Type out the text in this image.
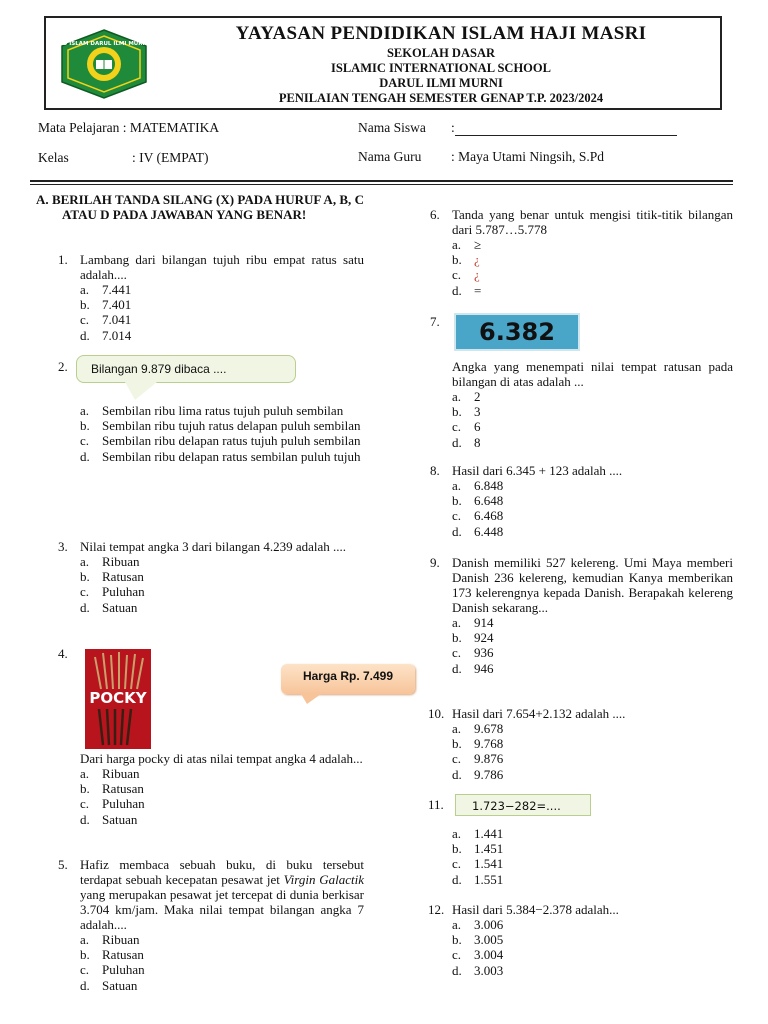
SD ISLAM DARUL ILMI MURNI	YAYASAN PENDIDIKAN ISLAM HAJI MASRI
SEKOLAH DASAR
ISLAMIC INTERNATIONAL SCHOOL
DARUL ILMI MURNI
PENILAIAN TENGAH SEMESTER GENAP T.P. 2023/2024
Mata Pelajaran : MATEMATIKA
Kelas	: IV (EMPAT)
Nama Siswa :
Nama Guru : Maya Utami Ningsih, S.Pd
A. BERILAH TANDA SILANG (X) PADA HURUF A, B, C ATAU D PADA JAWABAN YANG BENAR!
1. Lambang dari bilangan tujuh ribu empat ratus satu adalah....
a. 7.441
b. 7.401
c. 7.041
d. 7.014
2.	Bilangan 9.879 dibaca ....
a. Sembilan ribu lima ratus tujuh puluh sembilan
b. Sembilan ribu tujuh ratus delapan puluh sembilan
c. Sembilan ribu delapan ratus tujuh puluh sembilan
d. Sembilan ribu delapan ratus sembilan puluh tujuh
3. Nilai tempat angka 3 dari bilangan 4.239 adalah ....
a. Ribuan
b. Ratusan
c. Puluhan
d. Satuan
4.
POCKY
Harga Rp. 7.499
Dari harga pocky di atas nilai tempat angka 4 adalah...
a. Ribuan
b. Ratusan
c. Puluhan
d. Satuan
5. Hafiz membaca sebuah buku, di buku tersebut terdapat sebuah kecepatan pesawat jet Virgin Galactik yang merupakan pesawat jet tercepat di dunia berkisar 3.704 km/jam. Maka nilai tempat bilangan angka 7 adalah....
a. Ribuan
b. Ratusan
c. Puluhan
d. Satuan
6. Tanda yang benar untuk mengisi titik-titik bilangan dari 5.787…5.778
a. ≥
b. ¿
c. ¿
d. =
7.	6.382
Angka yang menempati nilai tempat ratusan pada bilangan di atas adalah ...
a. 2
b. 3
c. 6
d. 8
8. Hasil dari 6.345 + 123 adalah ....
a. 6.848
b. 6.648
c. 6.468
d. 6.448
9. Danish memiliki 527 kelereng. Umi Maya memberi Danish 236 kelereng, kemudian Kanya memberikan 173 kelerengnya kepada Danish. Berapakah kelereng Danish sekarang...
a. 914
b. 924
c. 936
d. 946
10. Hasil dari 7.654+2.132 adalah ....
a. 9.678
b. 9.768
c. 9.876
d. 9.786
11.	1.723−282=....
a. 1.441
b. 1.451
c. 1.541
d. 1.551
12. Hasil dari 5.384−2.378 adalah...
a. 3.006
b. 3.005
c. 3.004
d. 3.003
